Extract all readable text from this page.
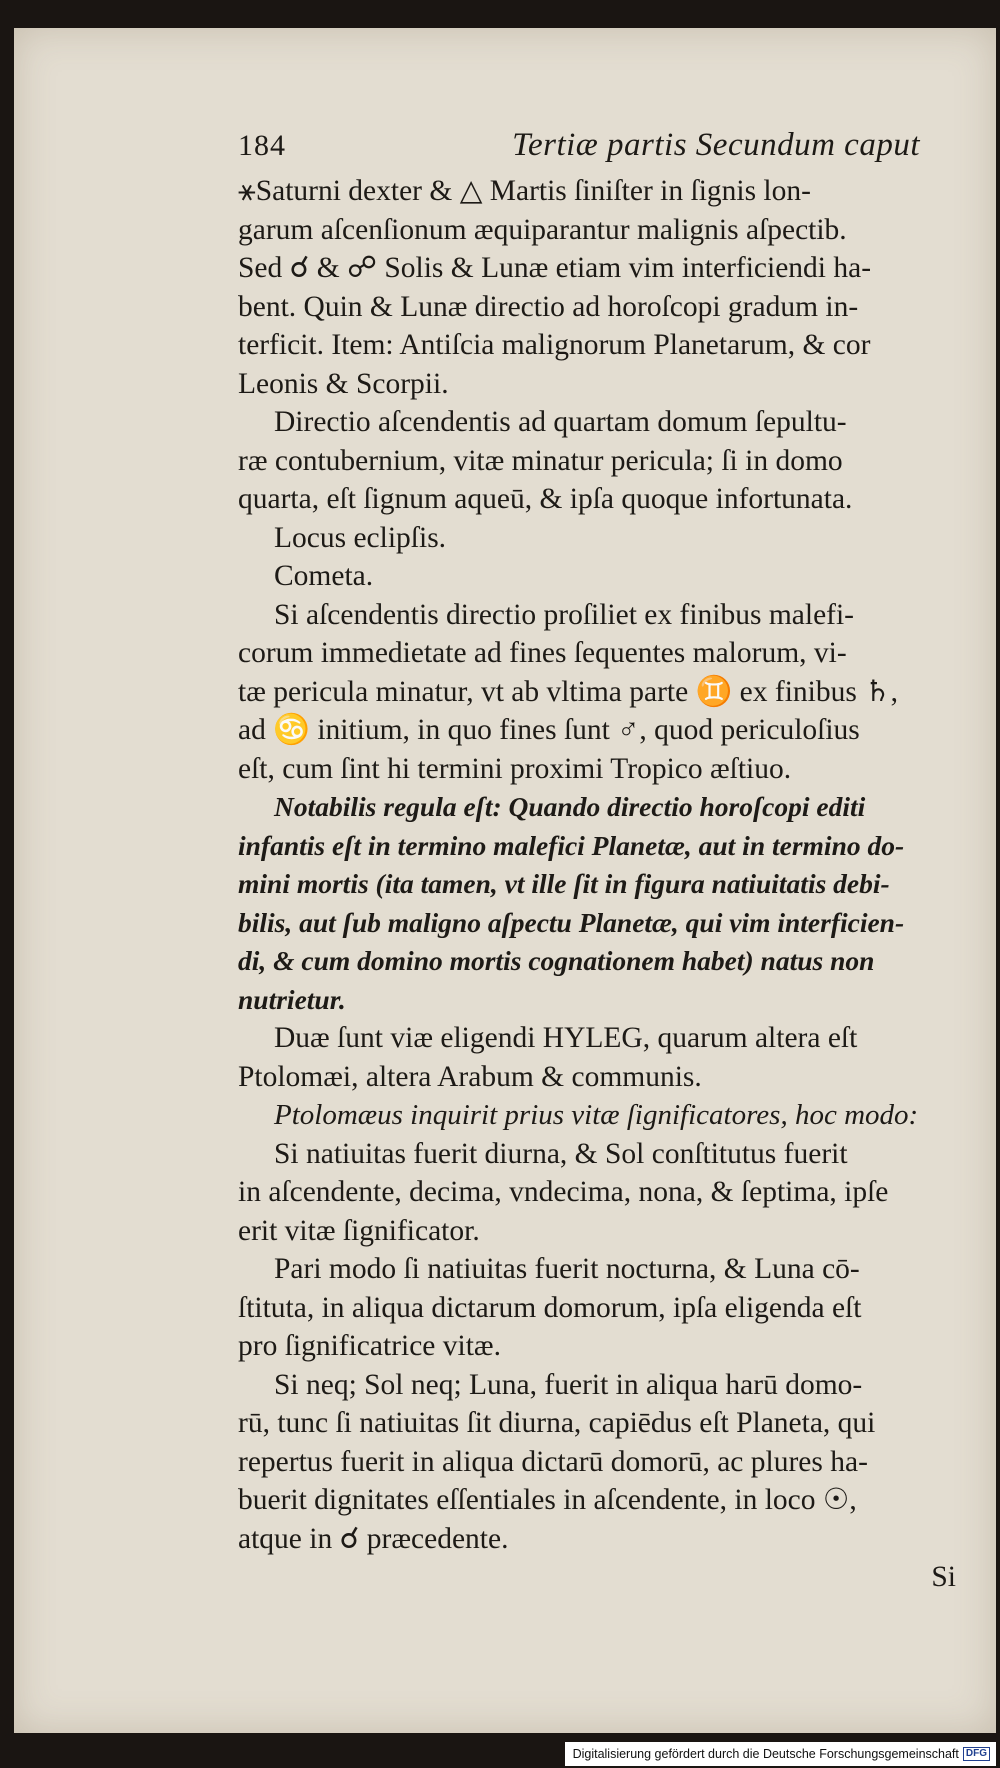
184	Tertiæ partis Secundum caput
⚹Saturni dexter & △ Martis ſiniſter in ſignis lon-
garum aſcenſionum æquiparantur malignis aſpectib.
Sed ☌ & ☍ Solis & Lunæ etiam vim interficiendi ha-
bent. Quin & Lunæ directio ad horoſcopi gradum in-
terficit. Item: Antiſcia malignorum Planetarum, & cor
Leonis & Scorpii.
Directio aſcendentis ad quartam domum ſepultu-
ræ contubernium, vitæ minatur pericula; ſi in domo
quarta, eſt ſignum aqueū, & ipſa quoque infortunata.
Locus eclipſis.
Cometa.
Si aſcendentis directio proſiliet ex finibus malefi-
corum immedietate ad fines ſequentes malorum, vi-
tæ pericula minatur, vt ab vltima parte ♊ ex finibus ♄,
ad ♋ initium, in quo fines ſunt ♂, quod periculoſius
eſt, cum ſint hi termini proximi Tropico æſtiuo.
Notabilis regula eſt: Quando directio horoſcopi editi
infantis eſt in termino malefici Planetæ, aut in termino do-
mini mortis (ita tamen, vt ille ſit in figura natiuitatis debi-
bilis, aut ſub maligno aſpectu Planetæ, qui vim interficien-
di, & cum domino mortis cognationem habet) natus non
nutrietur.
Duæ ſunt viæ eligendi HYLEG, quarum altera eſt
Ptolomæi, altera Arabum & communis.
Ptolomæus inquirit prius vitæ ſignificatores, hoc modo:
Si natiuitas fuerit diurna, & Sol conſtitutus fuerit
in aſcendente, decima, vndecima, nona, & ſeptima, ipſe
erit vitæ ſignificator.
Pari modo ſi natiuitas fuerit nocturna, & Luna cō-
ſtituta, in aliqua dictarum domorum, ipſa eligenda eſt
pro ſignificatrice vitæ.
Si neq; Sol neq; Luna, fuerit in aliqua harū domo-
rū, tunc ſi natiuitas ſit diurna, capiēdus eſt Planeta, qui
repertus fuerit in aliqua dictarū domorū, ac plures ha-
buerit dignitates eſſentiales in aſcendente, in loco ☉,
atque in ☌ præcedente.
Si
Digitalisierung gefördert durch die Deutsche Forschungsgemeinschaft DFG
